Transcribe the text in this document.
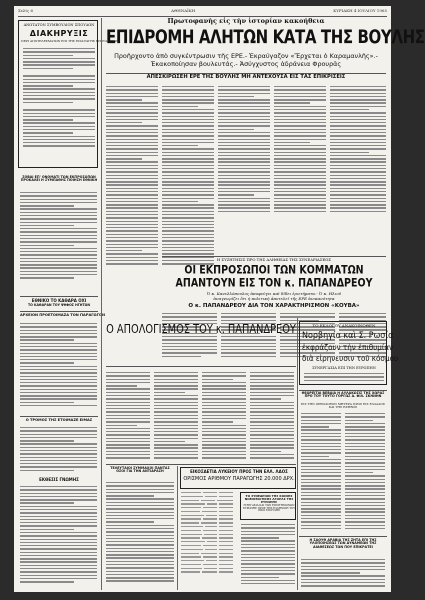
Σελίς 6	ΑΘΗΝΑΪΚΗ	ΚΥΡΙΑΚΗ 4 ΙΟΥΛΙΟΥ 1965
ΑΝΩΤΑΤΟΝ ΣΥΜΒΟΥΛΙΟΝ ΣΠΟΥΔΩΝ
ΔΙΑΚΗΡΥΞΙΣ
ΠΕΡΙ ΑΠΟΤΕΛΕΣΜΑΤΩΝ ΕΠΙ ΤΗΣ ΕΙΣΑΓΩΓΗΣ ΣΠΟΥΔΑΣΤΩΝ
ΣΟΒΑΙ ΕΠ' ΟΝΟΜΑΤΙ ΤΩΝ ΕΚΠΡΟΣΩΠΩΝ ΠΡΟΚΑΛΕΙ Η ΣΥΜΠΑΘΗΣ ΠΟΙΗΣΗ ΕΘΝΙΚΗ
ΕΘΝΙΚΟ ΤΟ ΚΑΘΑΡΑ ΟΧΙ
ΤΟ ΚΑΘΑΡΑΝ ΤΟΥ ΨΗΦΟΣ ΗΓΗΤΩΝ
ΑΡΧΕΙΟΝ ΠΡΟΕΤΟΙΜΑΖΑ ΤΟΝ ΠΑΡΑΓΩΓΟΝ
Ο ΤΡΟΜΟΣ ΤΗΣ ΕΤΟΙΜΑΖΕ ΕΙΜΑΣ
ΕΚΘΕΣΙΣ ΓΝΩΜΗΣ
Πρωτοφανὴς εἰς τὴν ἱστορίαν κακοήθεια
ΕΠΙΔΡΟΜΗ ΑΛΗΤΩΝ ΚΑΤΑ ΤΗΣ ΒΟΥΛΗΣ
Προῆρχοντο ἀπὸ συγκέντρωσιν τῆς ΕΡΕ.- Ἐκραύγαζον «Ἔρχεται ὁ Καραμανλῆς».- Ἐκακοποίησαν βουλευτάς.- Ἀσύγχυστος ἀδράνεια Φρουρᾶς
ΑΠΕΣΚΙΡΩΣΕΗ ΕΡΕ ΤΗΣ ΒΟΥΛΗΣ ΜΗ ΑΝΤΕΧΟΥΣΑ ΕΙΣ ΤΑΣ ΕΠΙΚΡΙΣΕΙΣ
Η ΣΥΖΗΤΗΣΙΣ ΠΡΟ ΤΗΣ ΑΛΗΘΕΙΑΣ ΤΗΣ ΣΥΝΕΔΡΙΑΣΕΩΣ
ΟΙ ΕΚΠΡΟΣΩΠΟΙ ΤΩΝ ΚΟΜΜΑΤΩΝ
ΑΠΑΝΤΟΥΝ ΕΙΣ ΤΟΝ κ. ΠΑΠΑΝΔΡΕΟΥ
Ὁ κ. Κανελλόπουλος ἀποφεύγει καὶ δίδει ἐρωτήματα.- Ὁ κ. Ηλιοῦ
ἀναγνωρίζει ὅτι ἡ πολιτικὴ ἀποτελεῖ τῆς ΕΡΕ ἀνικανότητα
Ο κ. ΠΑΠΑΝΔΡΕΟΥ ΔΙΑ ΤΟΝ ΧΑΡΑΚΤΗΡΙΣΜΟΝ «ΚΟΥΒΑ»
Ο ΑΠΟΛΟΓΙΣΜΟΣ ΤΟΥ κ. ΠΑΠΑΝΔΡΕΟΥ	ΤΟ ΕΚΛΟΓΟΥ ΑΝΑΚΟΙΝΩΘΕΝ
Νορβηγία καὶ Σ. Ρωσία
ἐκφράζουν τὴν ἐπιθυμίαν
διὰ εἰρηνευσιν τοῦ κόσμου
ΣΥΝΕΡΓΑΣΙΑ ΕΠΙ ΤΗΝ ΕΥΡΩΠΗΝ
ΘΕΩΡΕΙΤΑΙ ΒΕΒΑΙΑ Η ΑΥΛΑΚΩΣΙΣ ΤΗΣ ΧΩΡΑΣ ΠΡΟ ΤΟΥ ΤΟΥΤΟ ΓΟΡΓΩΣ Α. ΦΙΛ. ΣΚΗΝΗΝ
ΕΙΣ ΤΗΝ ΟΡΘΟΔΟΞΟΝ ΜΗΤΕΡΑ ΠΡΟΣ ΕΙΣ ΕΛΛΑΔΟΣ ΚΑΙ ΤΗΣ ΕΦΗΒΟΣ
Η ΣΑΟΥΘ ΑΡΑΒΙΑ ΤΗΣ ΖΗΤΑ ΕΠΙ ΤΗΣ ΥΛΟΠΟΙΗΣΕΩΣ ΤΩΝ ΔΥΝΑΜΕΩΝ ΤΗΣ ΔΙΑΘΕΣΕΩΣ ΤΩΝ ΠΟΥ ΕΠΙΚΡΑΤΕΙ
ΤΕΛΕΥΤΑΙΟΙ ΣΥΜΜΑΧΟΙ ΠΑΝΤΑΣ ΟΣΟΙ ΓΙΑ ΤΗΝ ΑΝΤΙΔΡΑΣΗ	ΕΙΚΟΣΑΕΤΙΑ ΛΥΚΕΙΟΥ ΠΡΟΣ ΤΗΝ ΕΛΛ. ΛΑΟΣ
ΟΡΙΣΜΟΣ ΑΡΙΘΜΟΥ ΠΑΡΑΓΩΓΗΣ 20.000 ΔΡΧ.
ΤΟ ΣΥΝΕΔΡΙΟΝ ΤΗΣ ΚΟΙΝΗΣ ΝΟΜΙΣΜΑΤΙΚΗΣ ΑΓΟΡΑΣ ΤΗΣ ΕΥΡΩΠΗΣ
Η ΕΡΓΑΣΙΑ ΚΑΙ ΤΩΝ ΕΠΙΣΤΗΜΟΝΩΝ ΕΥΡΩΠΗΣ ΠΡΟΣ ΤΗΣ ΕΛΛΗΝΙΚΗ ΤΟΥ ΟΙΚΟ ΣΠΟΥΔΗΣ
